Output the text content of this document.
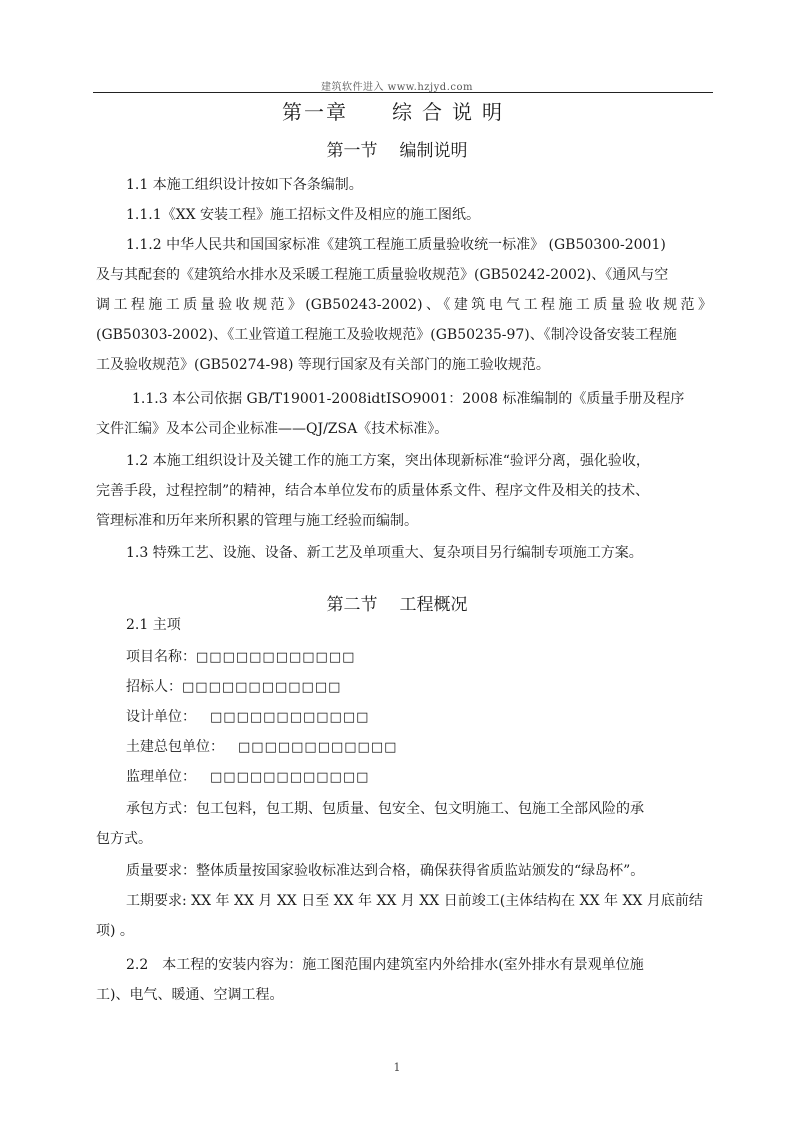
建筑软件进入 www.hzjyd.com
第一章 综合说明
第一节 编制说明
1.1 本施工组织设计按如下各条编制。
1.1.1《XX 安装工程》施工招标文件及相应的施工图纸。
1.1.2 中华人民共和国国家标准《建筑工程施工质量验收统一标准》 (GB50300-2001)
及与其配套的《建筑给水排水及采暖工程施工质量验收规范》(GB50242-2002)、《通风与空
调工程施工质量验收规范》(GB50243-2002)、《建筑电气工程施工质量验收规范》
(GB50303-2002)、《工业管道工程施工及验收规范》(GB50235-97)、《制冷设备安装工程施
工及验收规范》(GB50274-98) 等现行国家及有关部门的施工验收规范。
1.1.3 本公司依据 GB/T19001-2008idtISO9001：2008 标准编制的《质量手册及程序
文件汇编》及本公司企业标准——QJ/ZSA《技术标准》。
1.2 本施工组织设计及关键工作的施工方案，突出体现新标准“验评分离，强化验收，
完善手段，过程控制”的精神，结合本单位发布的质量体系文件、程序文件及相关的技术、
管理标准和历年来所积累的管理与施工经验而编制。
1.3 特殊工艺、设施、设备、新工艺及单项重大、复杂项目另行编制专项施工方案。
第二节 工程概况
2.1 主项
项目名称：□□□□□□□□□□□□
招标人：□□□□□□□□□□□□
设计单位： □□□□□□□□□□□□
土建总包单位： □□□□□□□□□□□□
监理单位： □□□□□□□□□□□□
承包方式：包工包料，包工期、包质量、包安全、包文明施工、包施工全部风险的承
包方式。
质量要求：整体质量按国家验收标准达到合格，确保获得省质监站颁发的“绿岛杯”。
工期要求: XX 年 XX 月 XX 日至 XX 年 XX 月 XX 日前竣工(主体结构在 XX 年 XX 月底前结
项) 。
2.2　本工程的安装内容为：施工图范围内建筑室内外给排水(室外排水有景观单位施
工)、电气、暖通、空调工程。
1
